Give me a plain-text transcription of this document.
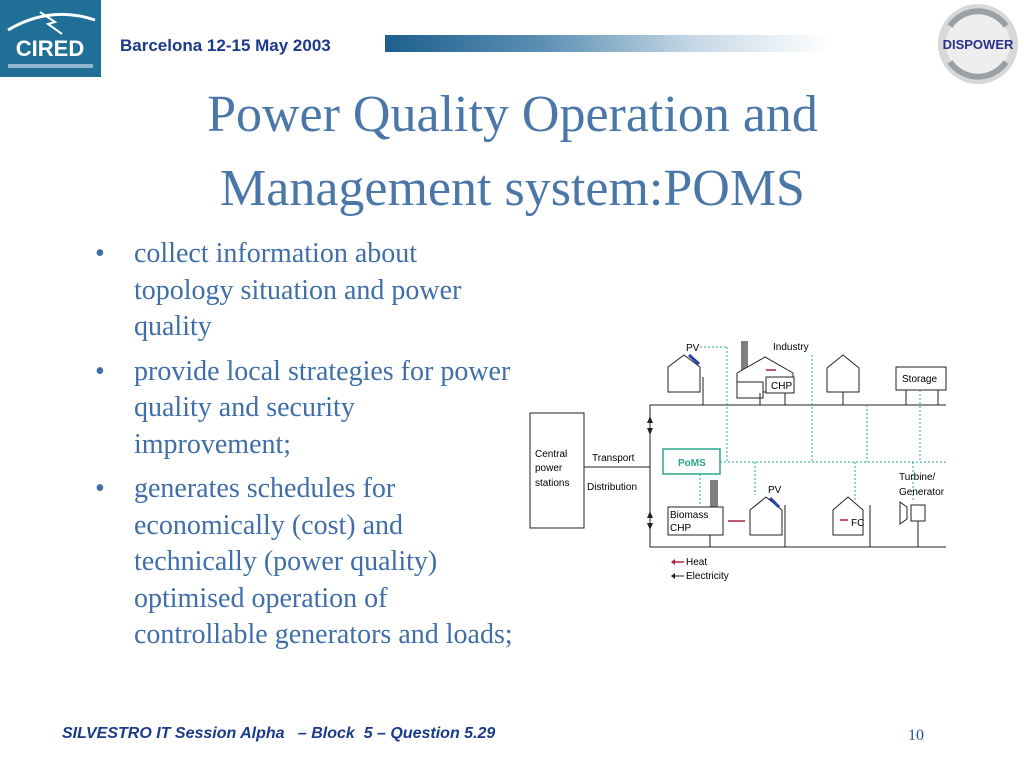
CIRED Barcelona 12-15 May 2003	DISPOWER
Power Quality Operation and Management system:POMS
• collect information about topology situation and power quality
• provide local strategies for power quality and security improvement;
• generates schedules for economically (cost) and technically (power quality) optimised operation of controllable generators and loads;
Central
power
stations
Transport
Distribution
PoMS
PV
CHP
Industry
Storage
Biomass
CHP
PV
FC
Turbine/
Generator
Heat
Electricity
SILVESTRO IT Session Alpha   – Block  5 – Question 5.29	10
